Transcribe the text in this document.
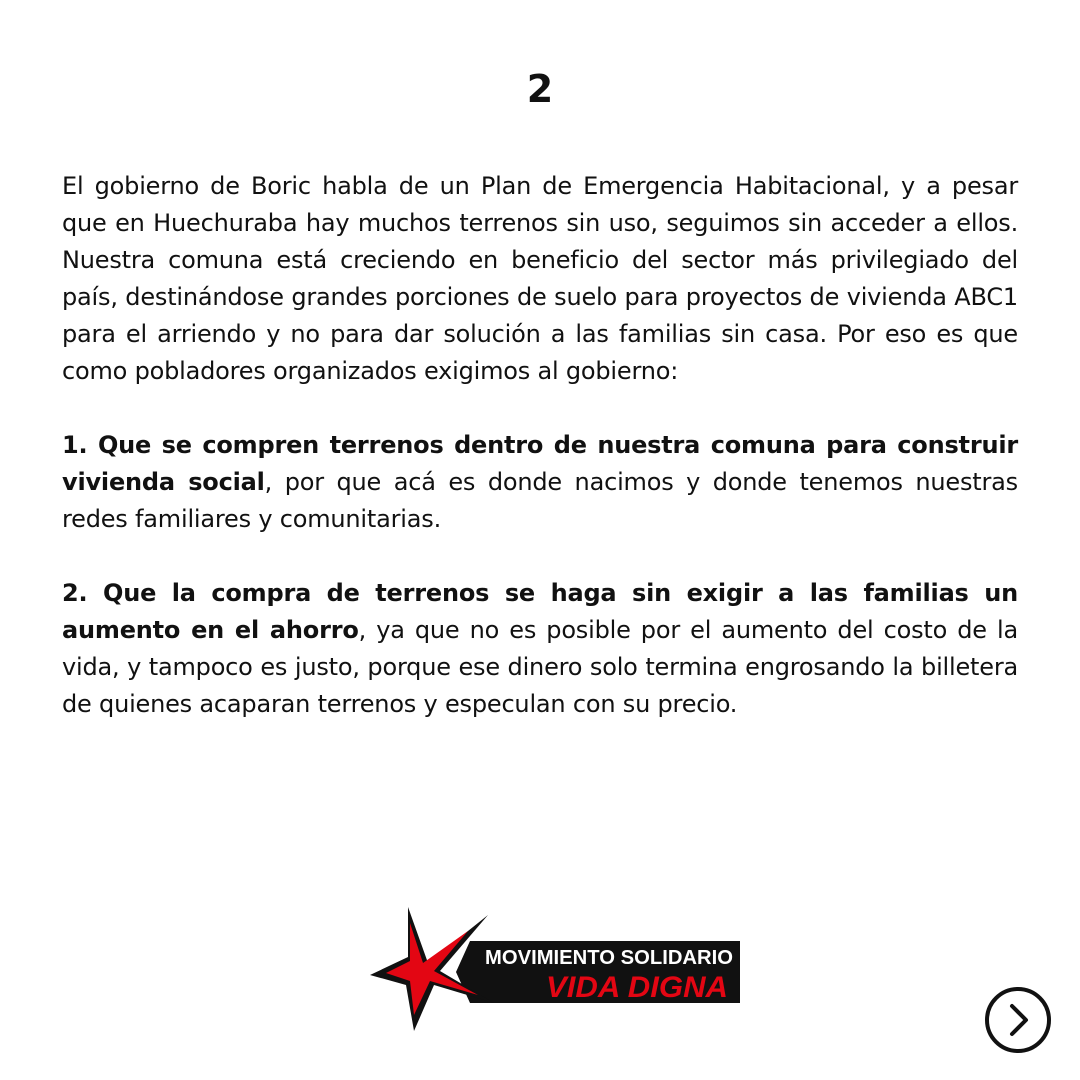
2

El gobierno de Boric habla de un Plan de Emergencia Habitacional, y a pesar que en Huechuraba hay muchos terrenos sin uso, seguimos sin acceder a ellos. Nuestra comuna está creciendo en beneficio del sector más privilegiado del país, destinándose grandes porciones de suelo para proyectos de vivienda ABC1 para el arriendo y no para dar solución a las familias sin casa. Por eso es que como pobladores organizados exigimos al gobierno:

1. Que se compren terrenos dentro de nuestra comuna para construir vivienda social, por que acá es donde nacimos y donde tenemos nuestras redes familiares y comunitarias.

2. Que la compra de terrenos se haga sin exigir a las familias un aumento en el ahorro, ya que no es posible por el aumento del costo de la vida, y tampoco es justo, porque ese dinero solo termina engrosando la billetera de quienes acaparan terrenos y especulan con su precio.

MOVIMIENTO SOLIDARIO
VIDA DIGNA
